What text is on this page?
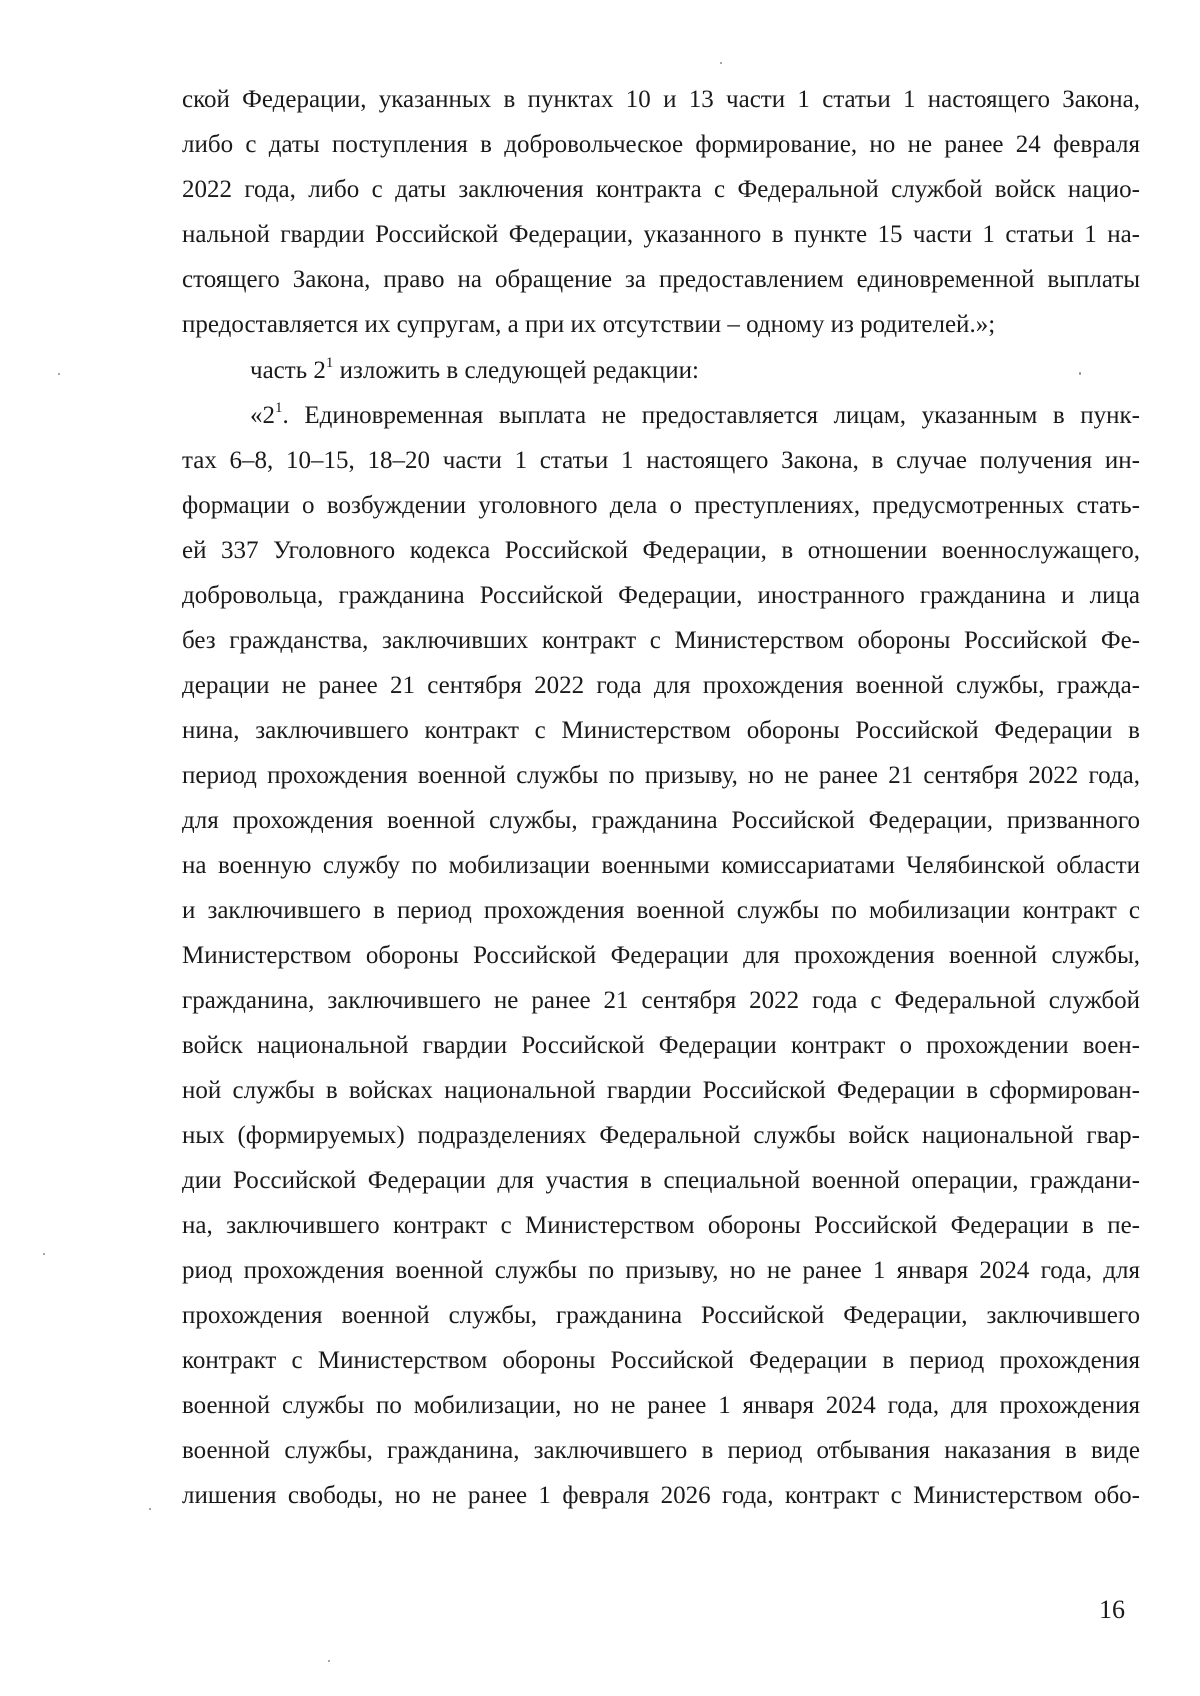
ской Федерации, указанных в пунктах 10 и 13 части 1 статьи 1 настоящего Закона,
либо с даты поступления в добровольческое формирование, но не ранее 24 февраля
2022 года, либо с даты заключения контракта с Федеральной службой войск нацио-
нальной гвардии Российской Федерации, указанного в пункте 15 части 1 статьи 1 на-
стоящего Закона, право на обращение за предоставлением единовременной выплаты
предоставляется их супругам, а при их отсутствии – одному из родителей.»;
часть $2^1$ изложить в следующей редакции:
«$2^1$. Единовременная выплата не предоставляется лицам, указанным в пунк-
тах 6–8, 10–15, 18–20 части 1 статьи 1 настоящего Закона, в случае получения ин-
формации о возбуждении уголовного дела о преступлениях, предусмотренных стать-
ей 337 Уголовного кодекса Российской Федерации, в отношении военнослужащего,
добровольца, гражданина Российской Федерации, иностранного гражданина и лица
без гражданства, заключивших контракт с Министерством обороны Российской Фе-
дерации не ранее 21 сентября 2022 года для прохождения военной службы, гражда-
нина, заключившего контракт с Министерством обороны Российской Федерации в
период прохождения военной службы по призыву, но не ранее 21 сентября 2022 года,
для прохождения военной службы, гражданина Российской Федерации, призванного
на военную службу по мобилизации военными комиссариатами Челябинской области
и заключившего в период прохождения военной службы по мобилизации контракт с
Министерством обороны Российской Федерации для прохождения военной службы,
гражданина, заключившего не ранее 21 сентября 2022 года с Федеральной службой
войск национальной гвардии Российской Федерации контракт о прохождении воен-
ной службы в войсках национальной гвардии Российской Федерации в сформирован-
ных (формируемых) подразделениях Федеральной службы войск национальной гвар-
дии Российской Федерации для участия в специальной военной операции, граждани-
на, заключившего контракт с Министерством обороны Российской Федерации в пе-
риод прохождения военной службы по призыву, но не ранее 1 января 2024 года, для
прохождения военной службы, гражданина Российской Федерации, заключившего
контракт с Министерством обороны Российской Федерации в период прохождения
военной службы по мобилизации, но не ранее 1 января 2024 года, для прохождения
военной службы, гражданина, заключившего в период отбывания наказания в виде
лишения свободы, но не ранее 1 февраля 2026 года, контракт с Министерством обо-
16
